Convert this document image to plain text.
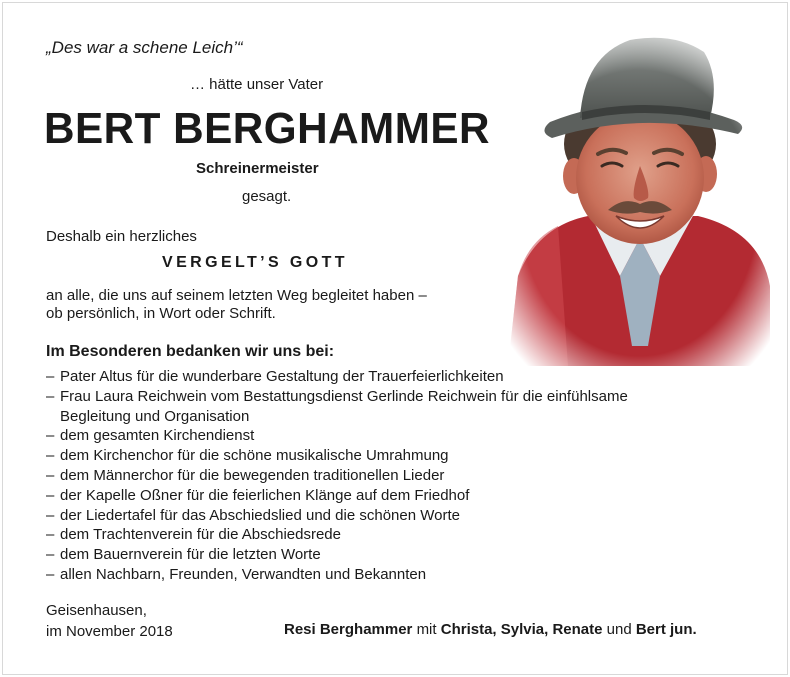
„Des war a schene Leich’“
… hätte unser Vater
BERT BERGHAMMER
Schreinermeister
gesagt.
Deshalb ein herzliches
VERGELT’S GOTT
an alle, die uns auf seinem letzten Weg begleitet haben –
ob persönlich, in Wort oder Schrift.
Im Besonderen bedanken wir uns bei:
– Pater Altus für die wunderbare Gestaltung der Trauerfeierlichkeiten
– Frau Laura Reichwein vom Bestattungsdienst Gerlinde Reichwein für die einfühlsame
Begleitung und Organisation
– dem gesamten Kirchendienst
– dem Kirchenchor für die schöne musikalische Umrahmung
– dem Männerchor für die bewegenden traditionellen Lieder
– der Kapelle Oßner für die feierlichen Klänge auf dem Friedhof
– der Liedertafel für das Abschiedslied und die schönen Worte
– dem Trachtenverein für die Abschiedsrede
– dem Bauernverein für die letzten Worte
– allen Nachbarn, Freunden, Verwandten und Bekannten
Geisenhausen,
im November 2018	Resi Berghammer mit Christa, Sylvia, Renate und Bert jun.
